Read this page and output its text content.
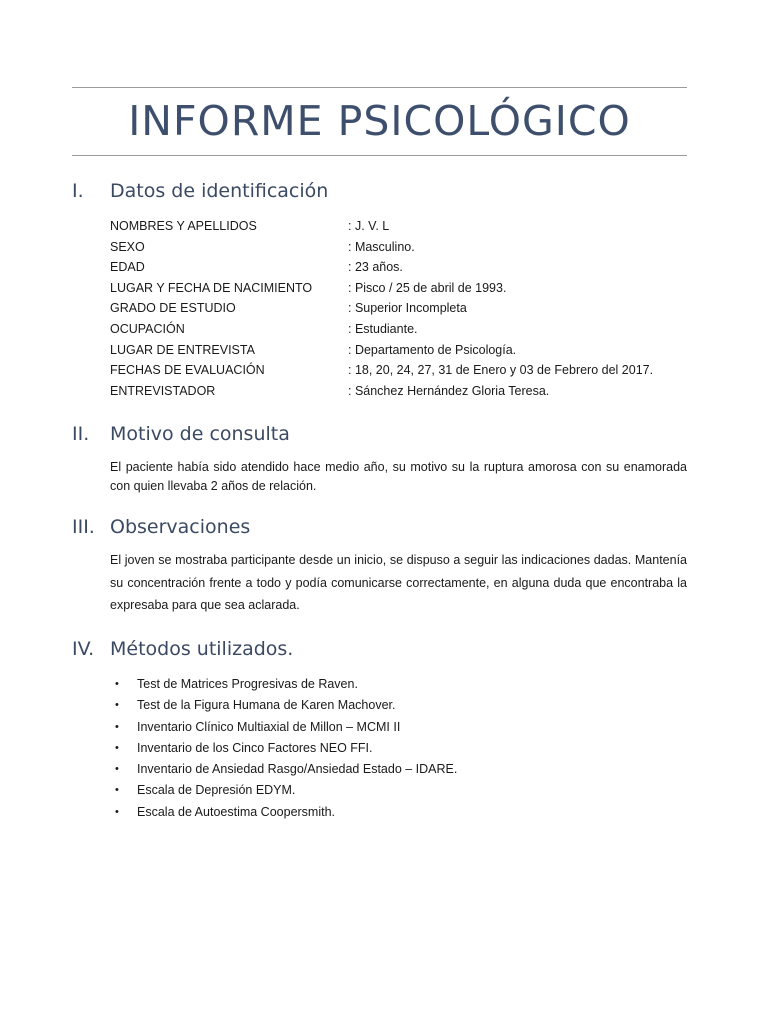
INFORME PSICOLÓGICO
I.	Datos de identificación
NOMBRES Y APELLIDOS	: J. V. L
SEXO	: Masculino.
EDAD	: 23 años.
LUGAR Y FECHA DE NACIMIENTO	: Pisco / 25 de abril de 1993.
GRADO DE ESTUDIO	: Superior Incompleta
OCUPACIÓN	: Estudiante.
LUGAR DE ENTREVISTA	: Departamento de Psicología.
FECHAS DE EVALUACIÓN	: 18, 20, 24, 27, 31 de Enero y 03 de Febrero del 2017.
ENTREVISTADOR	: Sánchez Hernández Gloria Teresa.
II.	Motivo de consulta
El paciente había sido atendido hace medio año, su motivo su la ruptura amorosa con su enamorada con quien llevaba 2 años de relación.
III. Observaciones
El joven se mostraba participante desde un inicio, se dispuso a seguir las indicaciones dadas. Mantenía su concentración frente a todo y podía comunicarse correctamente, en alguna duda que encontraba la expresaba para que sea aclarada.
IV. Métodos utilizados.
•	Test de Matrices Progresivas de Raven.
•	Test de la Figura Humana de Karen Machover.
•	Inventario Clínico Multiaxial de Millon – MCMI II
•	Inventario de los Cinco Factores NEO FFI.
•	Inventario de Ansiedad Rasgo/Ansiedad Estado – IDARE.
•	Escala de Depresión EDYM.
•	Escala de Autoestima Coopersmith.
